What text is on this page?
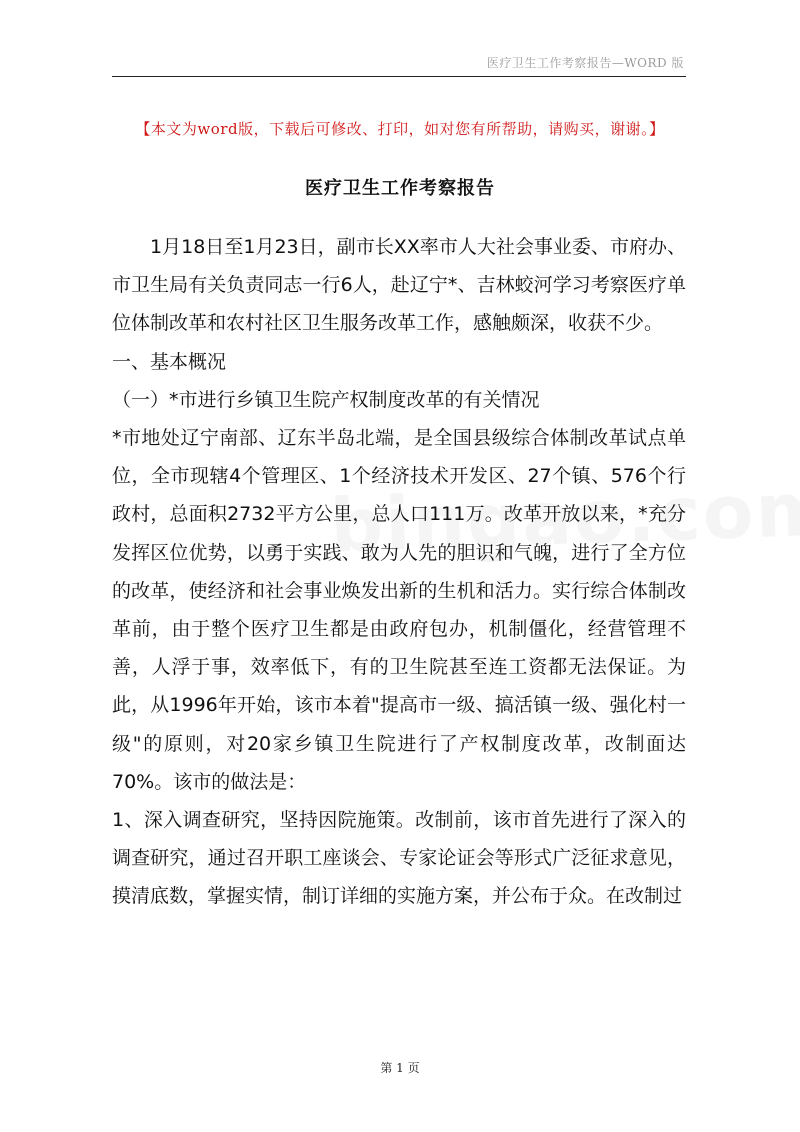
医疗卫生工作考察报告—WORD 版
【本文为word版，下载后可修改、打印，如对您有所帮助，请购买，谢谢。】
医疗卫生工作考察报告

1月18日至1月23日，副市长XX率市人大社会事业委、市府办、市卫生局有关负责同志一行6人，赴辽宁*、吉林蛟河学习考察医疗单位体制改革和农村社区卫生服务改革工作，感触颇深，收获不少。

一、基本概况

（一）*市进行乡镇卫生院产权制度改革的有关情况

*市地处辽宁南部、辽东半岛北端，是全国县级综合体制改革试点单位，全市现辖4个管理区、1个经济技术开发区、27个镇、576个行政村，总面积2732平方公里，总人口111万。改革开放以来，*充分发挥区位优势，以勇于实践、敢为人先的胆识和气魄，进行了全方位的改革，使经济和社会事业焕发出新的生机和活力。实行综合体制改革前，由于整个医疗卫生都是由政府包办，机制僵化，经营管理不善，人浮于事，效率低下，有的卫生院甚至连工资都无法保证。为此，从1996年开始，该市本着"提高市一级、搞活镇一级、强化村一级"的原则，对20家乡镇卫生院进行了产权制度改革，改制面达70%。该市的做法是：

1、深入调查研究，坚持因院施策。改制前，该市首先进行了深入的调查研究，通过召开职工座谈会、专家论证会等形式广泛征求意见，摸清底数，掌握实情，制订详细的实施方案，并公布于众。在改制过

第 1 页
